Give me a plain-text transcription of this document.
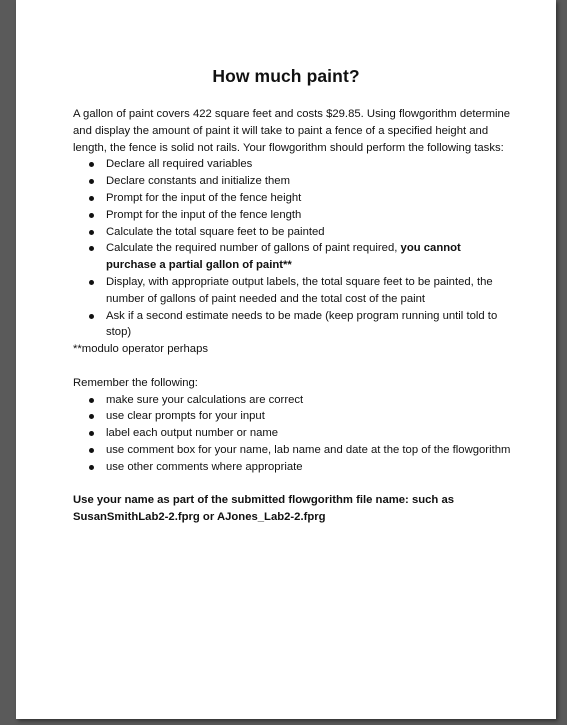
How much paint?

A gallon of paint covers 422 square feet and costs $29.85. Using flowgorithm determine and display the amount of paint it will take to paint a fence of a specified height and length, the fence is solid not rails. Your flowgorithm should perform the following tasks:

Declare all required variables
Declare constants and initialize them
Prompt for the input of the fence height
Prompt for the input of the fence length
Calculate the total square feet to be painted
Calculate the required number of gallons of paint required, you cannot purchase a partial gallon of paint**
Display, with appropriate output labels, the total square feet to be painted, the number of gallons of paint needed and the total cost of the paint
Ask if a second estimate needs to be made (keep program running until told to stop)

**modulo operator perhaps

Remember the following:

make sure your calculations are correct
use clear prompts for your input
label each output number or name
use comment box for your name, lab name and date at the top of the flowgorithm
use other comments where appropriate

Use your name as part of the submitted flowgorithm file name: such as SusanSmithLab2-2.fprg or AJones_Lab2-2.fprg
